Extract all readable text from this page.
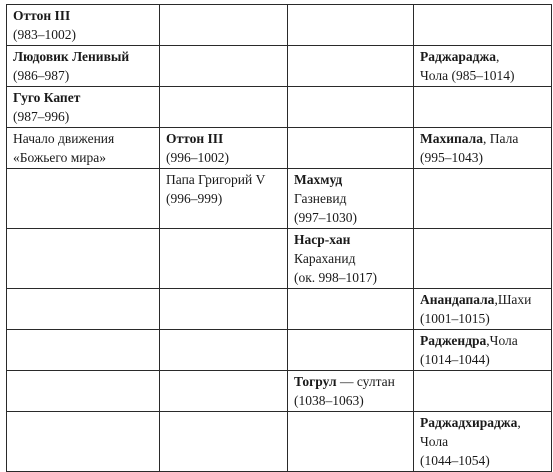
Оттон III
(983–1002)			

Людовик Ленивый
(986–987)			Раджараджа,
Чола (985–1014)

Гуго Капет
(987–996)			

Начало движения
«Божьего мира»	Оттон III
(996–1002)		Махипала, Пала
(995–1043)

	Папа Григорий V
(996–999)	Махмуд
Газневид
(997–1030)	

		Наср-хан
Караханид
(ок. 998–1017)	

			Анандапала,Шахи
(1001–1015)

			Раджендра,Чола
(1014–1044)

		Тогрул — султан
(1038–1063)	

			Раджадхираджа,
Чола
(1044–1054)
